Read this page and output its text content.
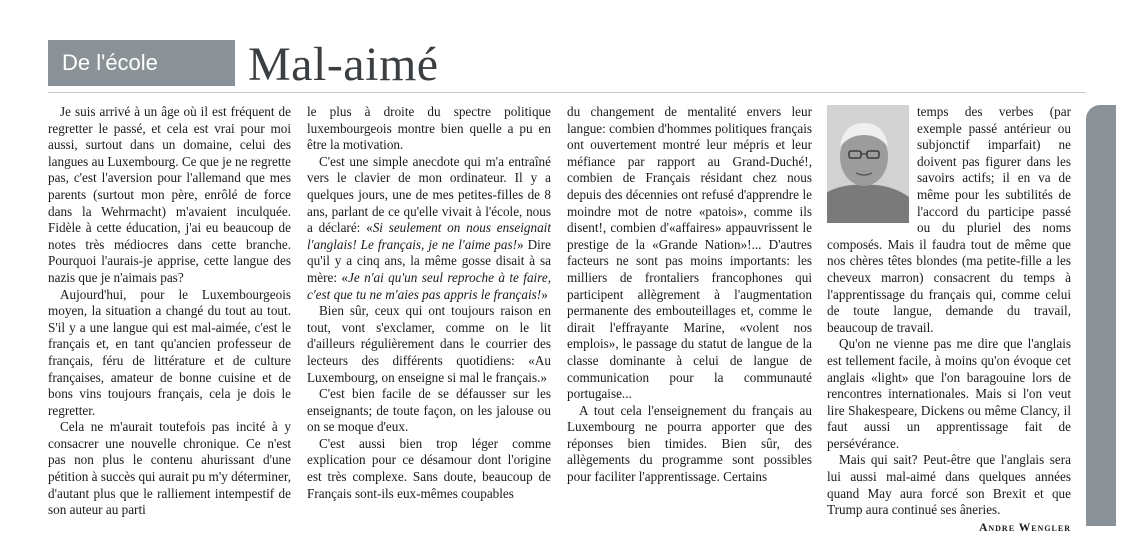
De l'école	Mal-aimé

Je suis arrivé à un âge où il est fréquent de regretter le passé, et cela est vrai pour moi aussi, surtout dans un domaine, celui des langues au Luxembourg. Ce que je ne regrette pas, c'est l'aversion pour l'allemand que mes parents (surtout mon père, enrôlé de force dans la Wehrmacht) m'avaient inculquée. Fidèle à cette éducation, j'ai eu beaucoup de notes très médiocres dans cette branche. Pourquoi l'aurais-je apprise, cette langue des nazis que je n'aimais pas?

Aujourd'hui, pour le Luxembourgeois moyen, la situation a changé du tout au tout. S'il y a une langue qui est mal-aimée, c'est le français et, en tant qu'ancien professeur de français, féru de littérature et de culture françaises, amateur de bonne cuisine et de bons vins toujours français, cela je dois le regretter.

Cela ne m'aurait toutefois pas incité à y consacrer une nouvelle chronique. Ce n'est pas non plus le contenu ahurissant d'une pétition à succès qui aurait pu m'y déterminer, d'autant plus que le ralliement intempestif de son auteur au parti

le plus à droite du spectre politique luxembourgeois montre bien quelle a pu en être la motivation.

C'est une simple anecdote qui m'a entraîné vers le clavier de mon ordinateur. Il y a quelques jours, une de mes petites-filles de 8 ans, parlant de ce qu'elle vivait à l'école, nous a déclaré: «Si seulement on nous enseignait l'anglais! Le français, je ne l'aime pas!» Dire qu'il y a cinq ans, la même gosse disait à sa mère: «Je n'ai qu'un seul reproche à te faire, c'est que tu ne m'aies pas appris le français!»

Bien sûr, ceux qui ont toujours raison en tout, vont s'exclamer, comme on le lit d'ailleurs régulièrement dans le courrier des lecteurs des différents quotidiens: «Au Luxembourg, on enseigne si mal le français.»

C'est bien facile de se défausser sur les enseignants; de toute façon, on les jalouse ou on se moque d'eux.

C'est aussi bien trop léger comme explication pour ce désamour dont l'origine est très complexe. Sans doute, beaucoup de Français sont-ils eux-mêmes coupables

du changement de mentalité envers leur langue: combien d'hommes politiques français ont ouvertement montré leur mépris et leur méfiance par rapport au Grand-Duché!, combien de Français résidant chez nous depuis des décennies ont refusé d'apprendre le moindre mot de notre «patois», comme ils disent!, combien d'«affaires» appauvrissent le prestige de la «Grande Nation»!... D'autres facteurs ne sont pas moins importants: les milliers de frontaliers francophones qui participent allègrement à l'augmentation permanente des embouteillages et, comme le dirait l'effrayante Marine, «volent nos emplois», le passage du statut de langue de la classe dominante à celui de langue de communication pour la communauté portugaise...

A tout cela l'enseignement du français au Luxembourg ne pourra apporter que des réponses bien timides. Bien sûr, des allègements du programme sont possibles pour faciliter l'apprentissage. Certains

temps des verbes (par exemple passé antérieur ou subjonctif imparfait) ne doivent pas figurer dans les savoirs actifs; il en va de même pour les subtilités de l'accord du participe passé ou du pluriel des noms composés. Mais il faudra tout de même que nos chères têtes blondes (ma petite-fille a les cheveux marron) consacrent du temps à l'apprentissage du français qui, comme celui de toute langue, demande du travail, beaucoup de travail.

Qu'on ne vienne pas me dire que l'anglais est tellement facile, à moins qu'on évoque cet anglais «light» que l'on baragouine lors de rencontres internationales. Mais si l'on veut lire Shakespeare, Dickens ou même Clancy, il faut aussi un apprentissage fait de persévérance.

Mais qui sait? Peut-être que l'anglais sera lui aussi mal-aimé dans quelques années quand May aura forcé son Brexit et que Trump aura continué ses âneries.

Andre Wengler
